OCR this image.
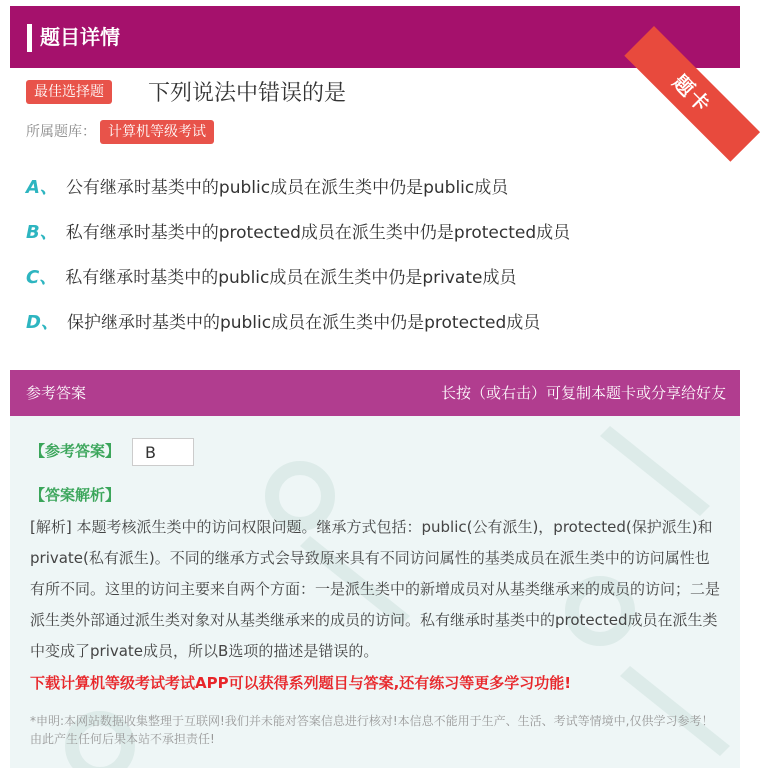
题目详情
题卡
最佳选择题 下列说法中错误的是
所属题库： 计算机等级考试
A、 公有继承时基类中的public成员在派生类中仍是public成员
B、 私有继承时基类中的protected成员在派生类中仍是protected成员
C、 私有继承时基类中的public成员在派生类中仍是private成员
D、 保护继承时基类中的public成员在派生类中仍是protected成员
参考答案	长按（或右击）可复制本题卡或分享给好友
【参考答案】	B
【答案解析】
[解析] 本题考核派生类中的访问权限问题。继承方式包括：public(公有派生)，protected(保护派生)和private(私有派生)。不同的继承方式会导致原来具有不同访问属性的基类成员在派生类中的访问属性也有所不同。这里的访问主要来自两个方面：一是派生类中的新增成员对从基类继承来的成员的访问；二是派生类外部通过派生类对象对从基类继承来的成员的访问。私有继承时基类中的protected成员在派生类中变成了private成员，所以B选项的描述是错误的。
下载计算机等级考试考试APP可以获得系列题目与答案,还有练习等更多学习功能!
*申明:本网站数据收集整理于互联网!我们并未能对答案信息进行核对!本信息不能用于生产、生活、考试等情境中,仅供学习参考！由此产生任何后果本站不承担责任!
